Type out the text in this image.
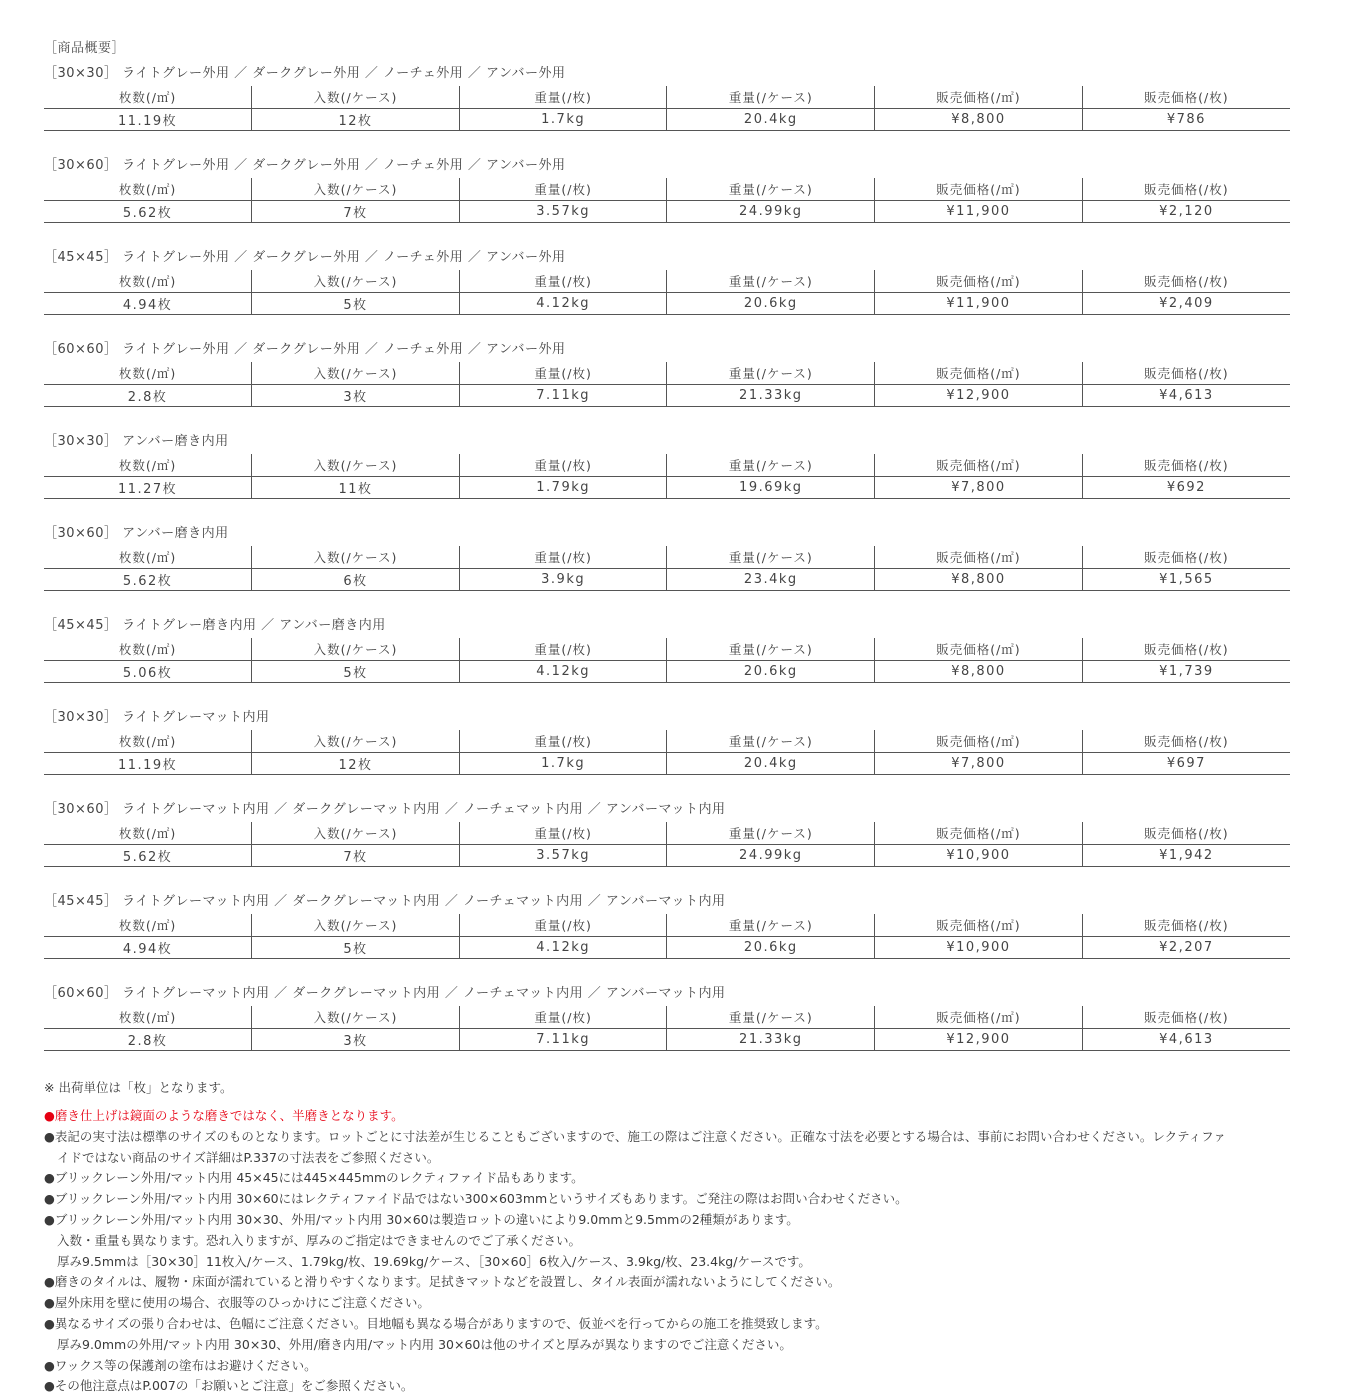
［商品概要］
［30×30］ ライトグレー外用 ／ ダークグレー外用 ／ ノーチェ外用 ／ アンバー外用
枚数(/㎡)	入数(/ケース)	重量(/枚)	重量(/ケース)	販売価格(/㎡)	販売価格(/枚)
11.19枚	12枚	1.7kg	20.4kg	¥8,800	¥786
［30×60］ ライトグレー外用 ／ ダークグレー外用 ／ ノーチェ外用 ／ アンバー外用
枚数(/㎡)	入数(/ケース)	重量(/枚)	重量(/ケース)	販売価格(/㎡)	販売価格(/枚)
5.62枚	7枚	3.57kg	24.99kg	¥11,900	¥2,120
［45×45］ ライトグレー外用 ／ ダークグレー外用 ／ ノーチェ外用 ／ アンバー外用
枚数(/㎡)	入数(/ケース)	重量(/枚)	重量(/ケース)	販売価格(/㎡)	販売価格(/枚)
4.94枚	5枚	4.12kg	20.6kg	¥11,900	¥2,409
［60×60］ ライトグレー外用 ／ ダークグレー外用 ／ ノーチェ外用 ／ アンバー外用
枚数(/㎡)	入数(/ケース)	重量(/枚)	重量(/ケース)	販売価格(/㎡)	販売価格(/枚)
2.8枚	3枚	7.11kg	21.33kg	¥12,900	¥4,613
［30×30］ アンバー磨き内用
枚数(/㎡)	入数(/ケース)	重量(/枚)	重量(/ケース)	販売価格(/㎡)	販売価格(/枚)
11.27枚	11枚	1.79kg	19.69kg	¥7,800	¥692
［30×60］ アンバー磨き内用
枚数(/㎡)	入数(/ケース)	重量(/枚)	重量(/ケース)	販売価格(/㎡)	販売価格(/枚)
5.62枚	6枚	3.9kg	23.4kg	¥8,800	¥1,565
［45×45］ ライトグレー磨き内用 ／ アンバー磨き内用
枚数(/㎡)	入数(/ケース)	重量(/枚)	重量(/ケース)	販売価格(/㎡)	販売価格(/枚)
5.06枚	5枚	4.12kg	20.6kg	¥8,800	¥1,739
［30×30］ ライトグレーマット内用
枚数(/㎡)	入数(/ケース)	重量(/枚)	重量(/ケース)	販売価格(/㎡)	販売価格(/枚)
11.19枚	12枚	1.7kg	20.4kg	¥7,800	¥697
［30×60］ ライトグレーマット内用 ／ ダークグレーマット内用 ／ ノーチェマット内用 ／ アンバーマット内用
枚数(/㎡)	入数(/ケース)	重量(/枚)	重量(/ケース)	販売価格(/㎡)	販売価格(/枚)
5.62枚	7枚	3.57kg	24.99kg	¥10,900	¥1,942
［45×45］ ライトグレーマット内用 ／ ダークグレーマット内用 ／ ノーチェマット内用 ／ アンバーマット内用
枚数(/㎡)	入数(/ケース)	重量(/枚)	重量(/ケース)	販売価格(/㎡)	販売価格(/枚)
4.94枚	5枚	4.12kg	20.6kg	¥10,900	¥2,207
［60×60］ ライトグレーマット内用 ／ ダークグレーマット内用 ／ ノーチェマット内用 ／ アンバーマット内用
枚数(/㎡)	入数(/ケース)	重量(/枚)	重量(/ケース)	販売価格(/㎡)	販売価格(/枚)
2.8枚	3枚	7.11kg	21.33kg	¥12,900	¥4,613
※ 出荷単位は「枚」となります。
●磨き仕上げは鏡面のような磨きではなく、半磨きとなります。
●表記の実寸法は標準のサイズのものとなります。ロットごとに寸法差が生じることもございますので、施工の際はご注意ください。正確な寸法を必要とする場合は、事前にお問い合わせください。レクティファ
イドではない商品のサイズ詳細はP.337の寸法表をご参照ください。
●ブリックレーン外用/マット内用 45×45には445×445mmのレクティファイド品もあります。
●ブリックレーン外用/マット内用 30×60にはレクティファイド品ではない300×603mmというサイズもあります。ご発注の際はお問い合わせください。
●ブリックレーン外用/マット内用 30×30、外用/マット内用 30×60は製造ロットの違いにより9.0mmと9.5mmの2種類があります。
入数・重量も異なります。恐れ入りますが、厚みのご指定はできませんのでご了承ください。
厚み9.5mmは［30×30］11枚入/ケース、1.79kg/枚、19.69kg/ケース、［30×60］6枚入/ケース、3.9kg/枚、23.4kg/ケースです。
●磨きのタイルは、履物・床面が濡れていると滑りやすくなります。足拭きマットなどを設置し、タイル表面が濡れないようにしてください。
●屋外床用を壁に使用の場合、衣服等のひっかけにご注意ください。
●異なるサイズの張り合わせは、色幅にご注意ください。目地幅も異なる場合がありますので、仮並べを行ってからの施工を推奨致します。
厚み9.0mmの外用/マット内用 30×30、外用/磨き内用/マット内用 30×60は他のサイズと厚みが異なりますのでご注意ください。
●ワックス等の保護剤の塗布はお避けください。
●その他注意点はP.007の「お願いとご注意」をご参照ください。
